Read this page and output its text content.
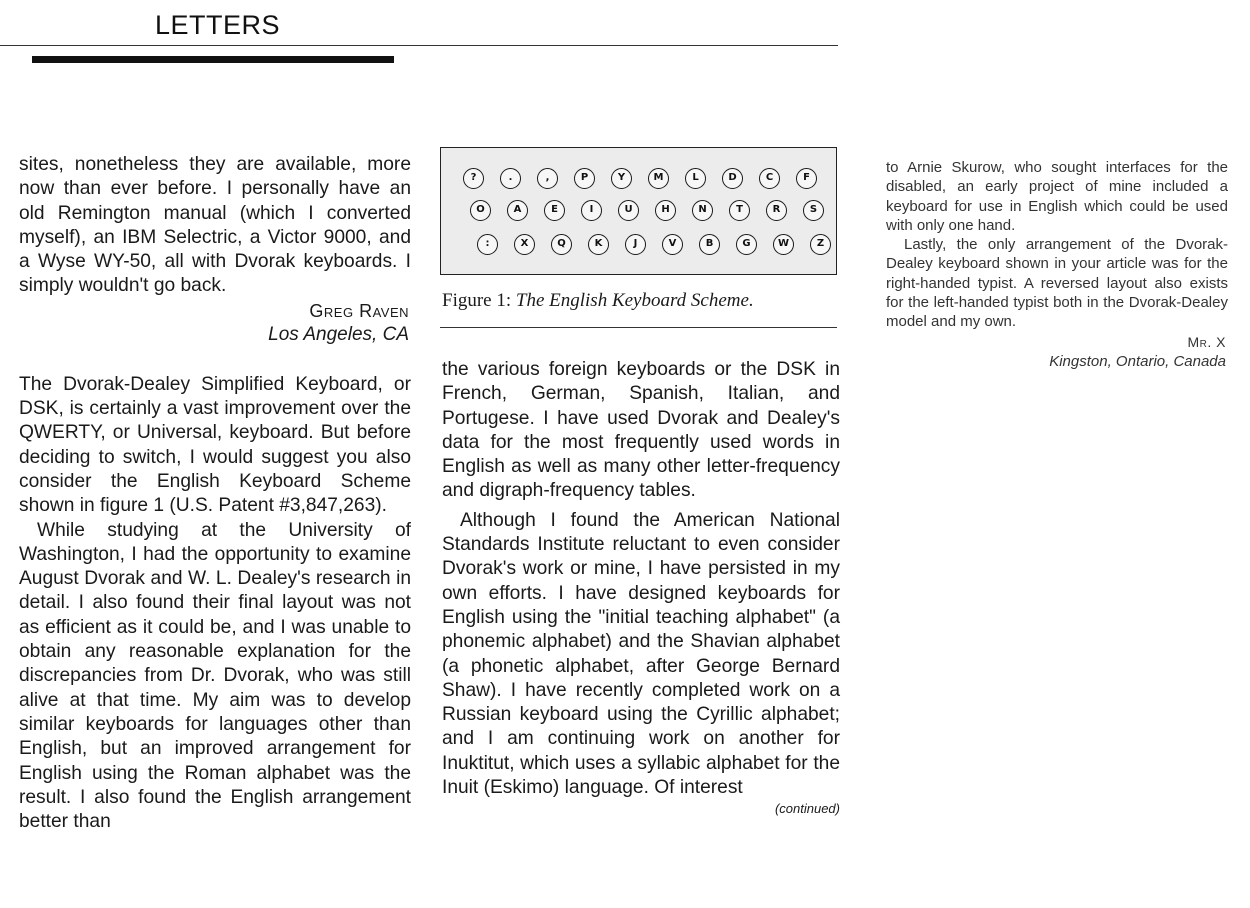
LETTERS

sites, nonetheless they are available, more now than ever before. I personally have an old Remington manual (which I converted myself), an IBM Selectric, a Victor 9000, and a Wyse WY-50, all with Dvorak keyboards. I simply wouldn't go back.

Greg Raven
Los Angeles, CA

The Dvorak-Dealey Simplified Keyboard, or DSK, is certainly a vast improvement over the QWERTY, or Universal, keyboard. But before deciding to switch, I would suggest you also consider the English Keyboard Scheme shown in figure 1 (U.S. Patent #3,847,263).

While studying at the University of Washington, I had the opportunity to examine August Dvorak and W. L. Dealey's research in detail. I also found their final layout was not as efficient as it could be, and I was unable to obtain any reasonable explanation for the discrepancies from Dr. Dvorak, who was still alive at that time. My aim was to develop similar keyboards for languages other than English, but an improved arrangement for English using the Roman alphabet was the result. I also found the English arrangement better than

?	.	,	P	Y	M	L	D	C	F
O	A	E	I	U	H	N	T	R	S
:	X	Q	K	J	V	B	G	W	Z
Figure 1: The English Keyboard Scheme.

the various foreign keyboards or the DSK in French, German, Spanish, Italian, and Portugese. I have used Dvorak and Dealey's data for the most frequently used words in English as well as many other letter-frequency and digraph-frequency tables.

Although I found the American National Standards Institute reluctant to even consider Dvorak's work or mine, I have persisted in my own efforts. I have designed keyboards for English using the "initial teaching alphabet" (a phonemic alphabet) and the Shavian alphabet (a phonetic alphabet, after George Bernard Shaw). I have recently completed work on a Russian keyboard using the Cyrillic alphabet; and I am continuing work on another for Inuktitut, which uses a syllabic alphabet for the Inuit (Eskimo) language. Of interest

(continued)

to Arnie Skurow, who sought interfaces for the disabled, an early project of mine included a keyboard for use in English which could be used with only one hand.

Lastly, the only arrangement of the Dvorak-Dealey keyboard shown in your article was for the right-handed typist. A reversed layout also exists for the left-handed typist both in the Dvorak-Dealey model and my own.

Mr. X
Kingston, Ontario, Canada
